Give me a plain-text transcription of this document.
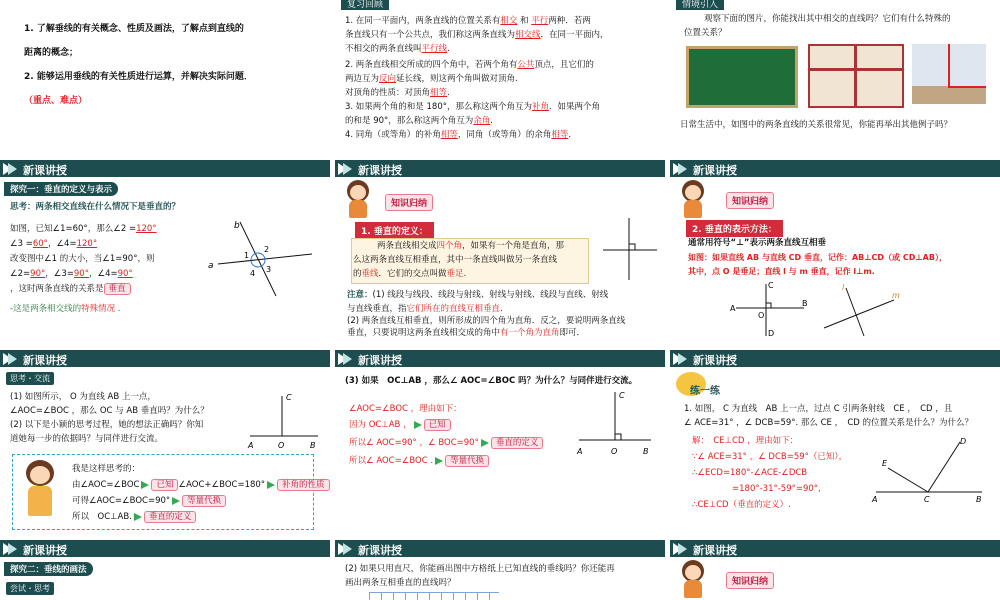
1. 了解垂线的有关概念、性质及画法，了解点到直线的
距离的概念；
2. 能够运用垂线的有关性质进行运算，并解决实际问题．
（重点、难点）
复习回顾
1. 在同一平面内，两条直线的位置关系有相交 和 平行两种．若两
条直线只有一个公共点，我们称这两条直线为相交线．在同一平面内，
不相交的两条直线叫平行线.
2. 两条直线相交所成的四个角中，若两个角有公共顶点，且它们的
两边互为反向延长线，则这两个角叫做对顶角.
对顶角的性质：对顶角相等.
3. 如果两个角的和是 180°，那么称这两个角互为补角．如果两个角
的和是 90°，那么称这两个角互为余角.
4. 同角（或等角）的补角相等，同角（或等角）的余角相等.
情境引入
观察下面的图片，你能找出其中相交的直线吗？它们有什么特殊的
位置关系？
日常生活中，如图中的两条直线的关系很常见，你能再举出其他例子吗？
新课讲授
探究一：垂直的定义与表示
思考：两条相交直线在什么情况下是垂直的？
如图，已知∠1=60°，那么∠2 =120°
∠3 =60°，∠4=120°
改变图中∠1 的大小，当∠1=90°，则
∠2=90°，∠3=90°，∠4=90°
，这时两条直线的关系是 垂直
-这是两条相交线的特殊情况 .
a
b
1
2
3
4
新课讲授
知识归纳
1. 垂直的定义：
两条直线相交成四个角，如果有一个角是直角，那
么这两条直线互相垂直，其中一条直线叫做另一条直线
的垂线．它们的交点叫做垂足.
注意：(1) 线段与线段、线段与射线、射线与射线、线段与直线、射线
与直线垂直，指它们所在的直线互相垂直.
(2) 两条直线互相垂直，则所形成的四个角为直角．反之，要说明两条直线
垂直，只要说明这两条直线相交成的角中有一个角为直角即可．
新课讲授
知识归纳
2. 垂直的表示方法：
通常用符号“⊥”表示两条直线互相垂
如图：如果直线 AB 与直线 CD 垂直，记作：AB⊥CD（或 CD⊥AB），
其中，点 O 是垂足；直线 l 与 m 垂直，记作 l⊥m.
A
B
C
D
O
l
m
新课讲授
思考・交流
(1) 如图所示， O 为直线 AB 上一点，
∠AOC=∠BOC ，那么 OC 与 AB 垂直吗？为什么？
(2) 以下是小颖的思考过程，她的想法正确吗？你知
道她每一步的依据吗？与同伴进行交流。
A	O	B
C
我是这样思考的：
由∠AOC=∠BOC 已知 ∠AOC+∠BOC=180° 补角的性质
可得∠AOC=∠BOC=90° 等量代换
所以　OC⊥AB. 垂直的定义
新课讲授
(3) 如果　OC⊥AB ，那么∠ AOC=∠BOC 吗？为什么？与同伴进行交流。
∠AOC=∠BOC ，理由如下：
因为 OC⊥AB ， 已知
所以∠ AOC=90° ，∠ BOC=90° 垂直的定义
所以∠ AOC=∠BOC . 等量代换
A	O	B
C
新课讲授
练一练
1. 如图， C 为直线　AB 上一点，过点 C 引两条射线　CE ，　CD ，且
∠ ACE=31° ，∠ DCB=59°. 那么 CE ，　CD 的位置关系是什么？为什么？
解：　CE⊥CD ，理由如下：
∵∠ ACE=31° ，∠ DCB=59°（已知），
∴∠ECD=180°-∠ACE-∠DCB
=180°-31°-59°=90°,
∴CE⊥CD（垂直的定义）.
A	C	B
E
D
新课讲授
探究二：垂线的画法
尝试・思考
新课讲授
(2) 如果只用直尺，你能画出图中方格纸上已知直线的垂线吗？你还能再
画出两条互相垂直的直线吗？
新课讲授
知识归纳
